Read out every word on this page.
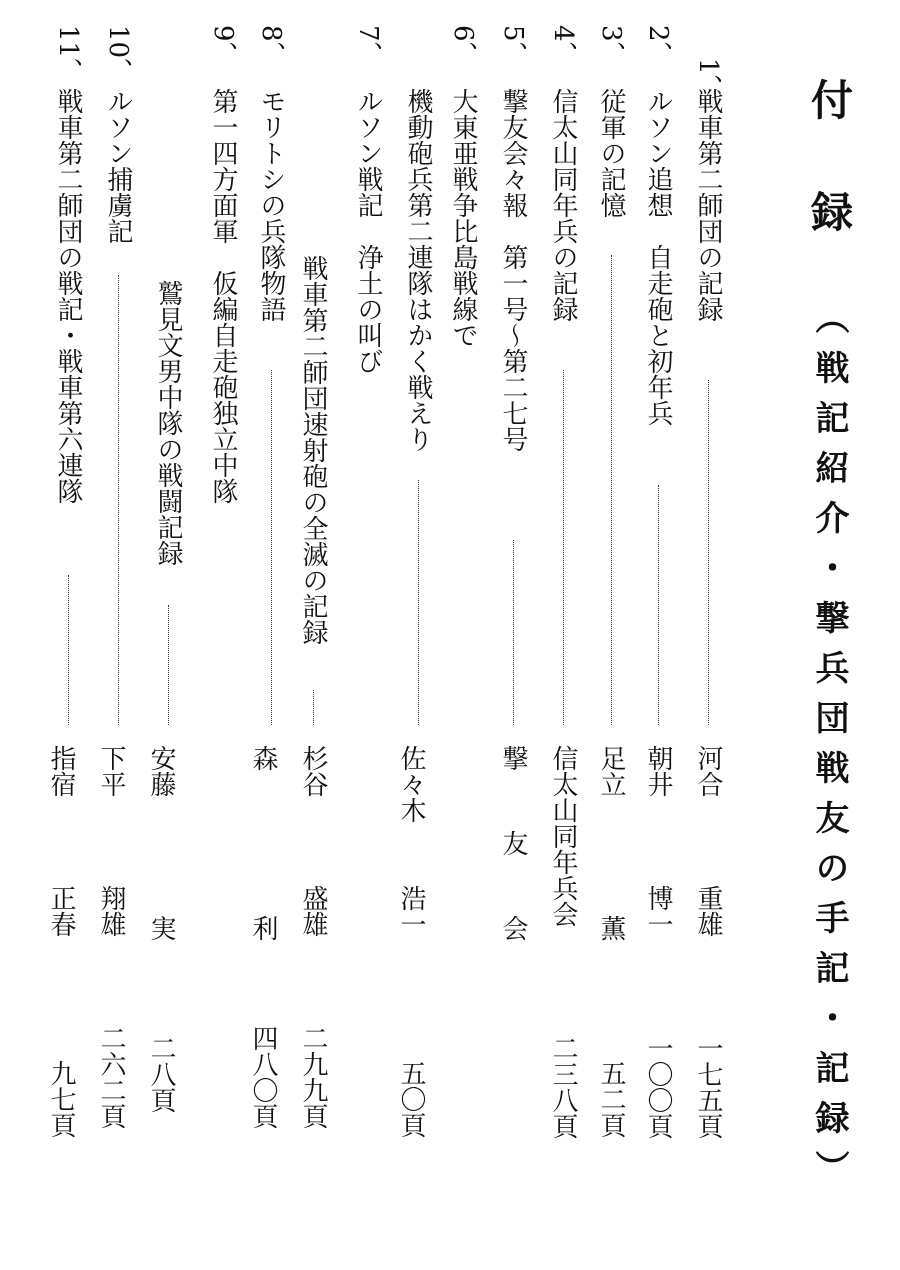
付
録
（戦記紹介・撃兵団戦友の手記・記録）
1、
戦車第二師団の記録
河合
重雄
一七五頁
2、
ルソン追想　自走砲と初年兵
朝井
博一
一〇〇頁
3、
従軍の記憶
足立
薫
五二頁
4、
信太山同年兵の記録
信太山同年兵会
二三八頁
5、
撃友会々報　第一号～第二七号
撃
友
会
6、
大東亜戦争比島戦線で
機動砲兵第二連隊はかく戦えり
佐々木
浩一
五〇頁
7、
ルソン戦記　浄土の叫び
戦車第二師団速射砲の全滅の記録
杉谷
盛雄
二九九頁
8、
モリトシの兵隊物語
森
利
四八〇頁
9、
第一四方面軍　仮編自走砲独立中隊
鷲見文男中隊の戦闘記録
安藤
実
二八頁
10、
ルソン捕虜記
下平
翔雄
二六二頁
11、
戦車第二師団の戦記・戦車第六連隊
指宿
正春
九七頁
